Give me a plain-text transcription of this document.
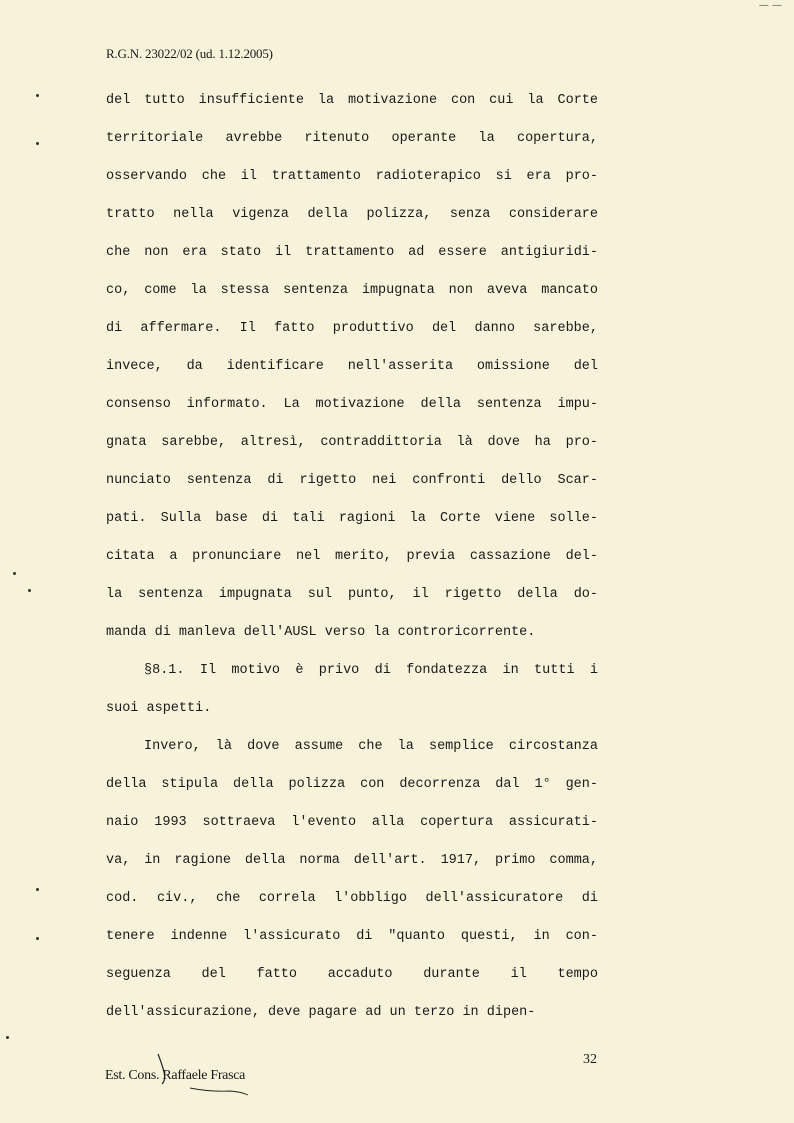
— —
R.G.N. 23022/02 (ud. 1.12.2005)
del tutto insufficiente la motivazione con cui la Corte
territoriale avrebbe ritenuto operante la copertura,
osservando che il trattamento radioterapico si era pro-
tratto nella vigenza della polizza, senza considerare
che non era stato il trattamento ad essere antigiuridi-
co, come la stessa sentenza impugnata non aveva mancato
di affermare. Il fatto produttivo del danno sarebbe,
invece, da identificare nell'asserita omissione del
consenso informato. La motivazione della sentenza impu-
gnata sarebbe, altresì, contraddittoria là dove ha pro-
nunciato sentenza di rigetto nei confronti dello Scar-
pati. Sulla base di tali ragioni la Corte viene solle-
citata a pronunciare nel merito, previa cassazione del-
la sentenza impugnata sul punto, il rigetto della do-
manda di manleva dell'AUSL verso la controricorrente.
§8.1. Il motivo è privo di fondatezza in tutti i
suoi aspetti.
Invero, là dove assume che la semplice circostanza
della stipula della polizza con decorrenza dal 1° gen-
naio 1993 sottraeva l'evento alla copertura assicurati-
va, in ragione della norma dell'art. 1917, primo comma,
cod. civ., che correla l'obbligo dell'assicuratore di
tenere indenne l'assicurato di "quanto questi, in con-
seguenza del fatto accaduto durante il tempo
dell'assicurazione, deve pagare ad un terzo in dipen-
32
Est. Cons. Raffaele Frasca
